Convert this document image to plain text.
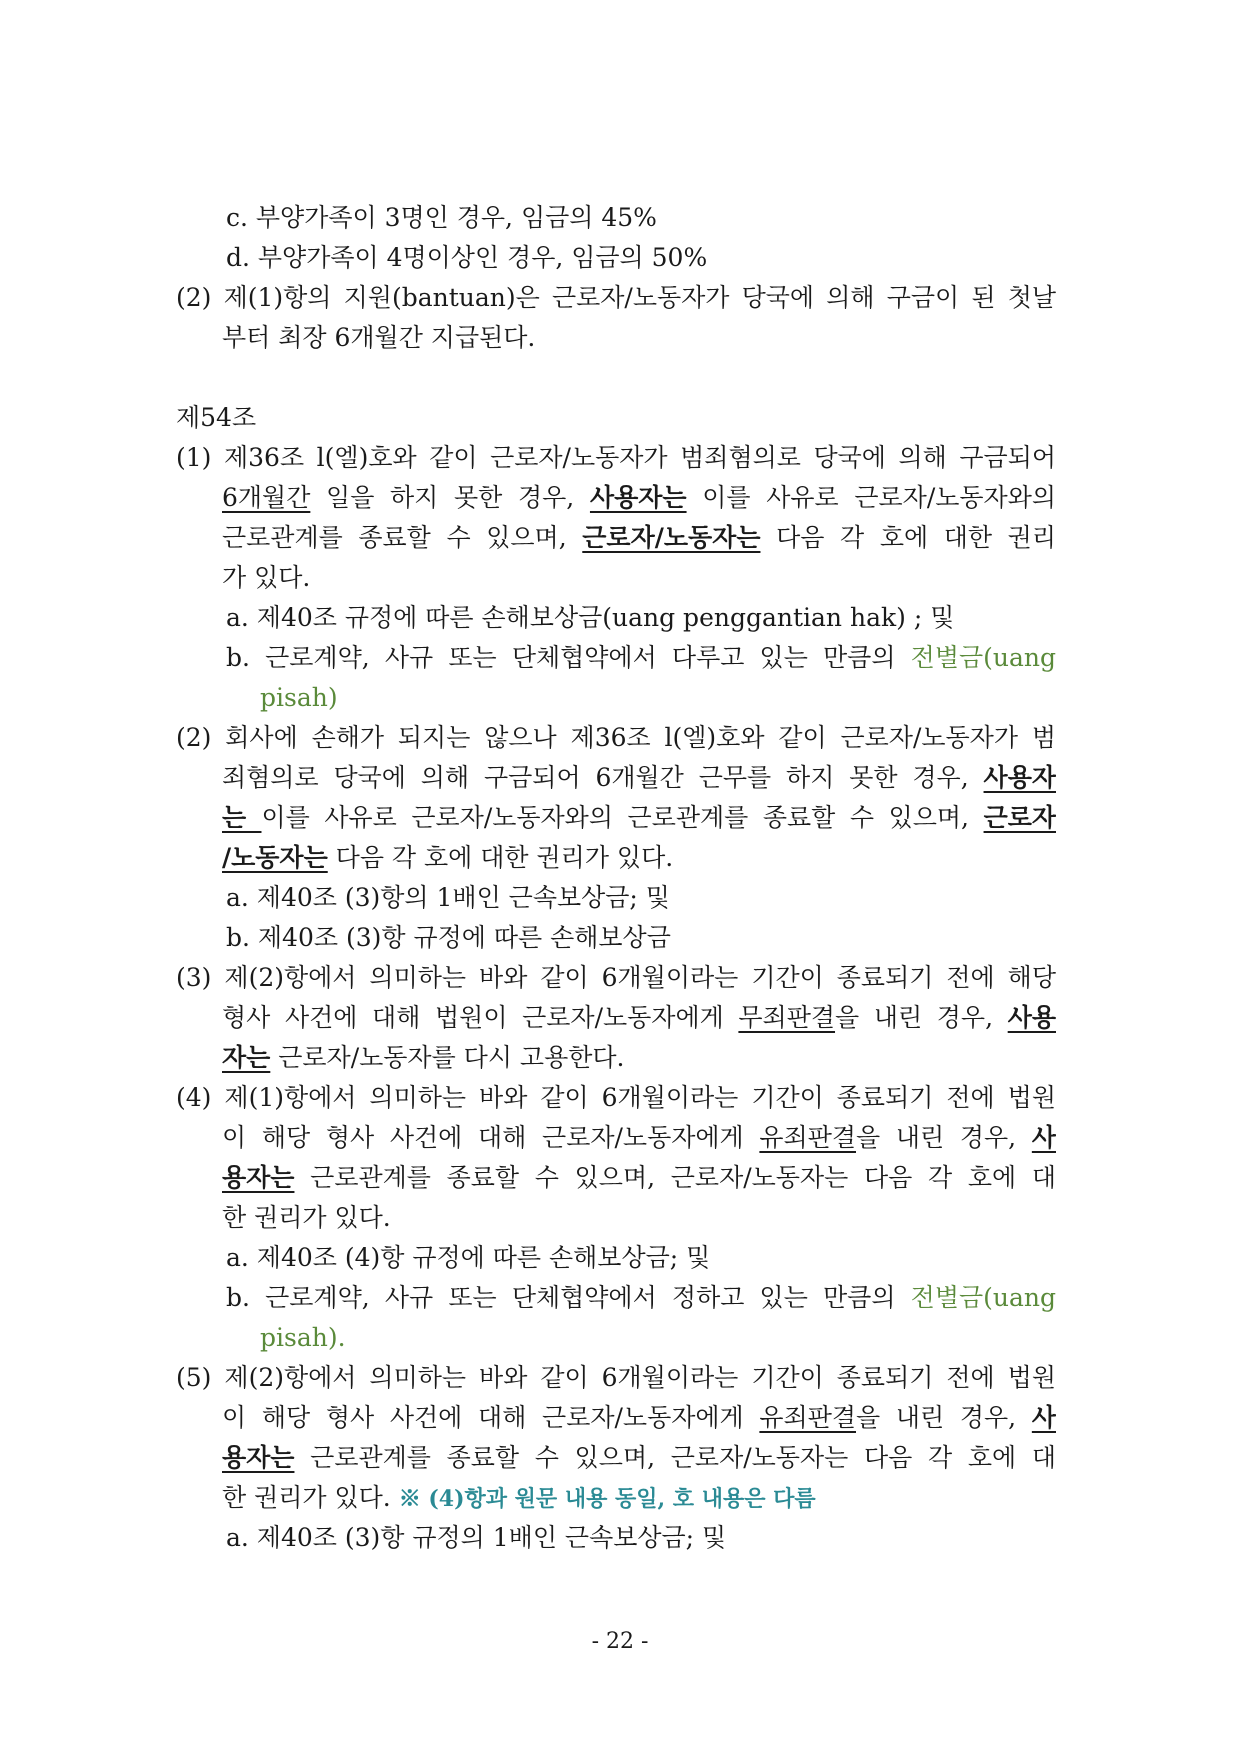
c. 부양가족이 3명인 경우, 임금의 45%
d. 부양가족이 4명이상인 경우, 임금의 50%
(2) 제(1)항의 지원(bantuan)은 근로자/노동자가 당국에 의해 구금이 된 첫날
부터 최장 6개월간 지급된다.
제54조
(1) 제36조 l(엘)호와 같이 근로자/노동자가 범죄혐의로 당국에 의해 구금되어
6개월간 일을 하지 못한 경우, 사용자는 이를 사유로 근로자/노동자와의
근로관계를 종료할 수 있으며, 근로자/노동자는 다음 각 호에 대한 권리
가 있다.
a. 제40조 규정에 따른 손해보상금(uang penggantian hak) ; 및
b. 근로계약, 사규 또는 단체협약에서 다루고 있는 만큼의 전별금(uang
pisah)
(2) 회사에 손해가 되지는 않으나 제36조 l(엘)호와 같이 근로자/노동자가 범
죄혐의로 당국에 의해 구금되어 6개월간 근무를 하지 못한 경우, 사용자
는 이를 사유로 근로자/노동자와의 근로관계를 종료할 수 있으며, 근로자
/노동자는 다음 각 호에 대한 권리가 있다.
a. 제40조 (3)항의 1배인 근속보상금; 및
b. 제40조 (3)항 규정에 따른 손해보상금
(3) 제(2)항에서 의미하는 바와 같이 6개월이라는 기간이 종료되기 전에 해당
형사 사건에 대해 법원이 근로자/노동자에게 무죄판결을 내린 경우, 사용
자는 근로자/노동자를 다시 고용한다.
(4) 제(1)항에서 의미하는 바와 같이 6개월이라는 기간이 종료되기 전에 법원
이 해당 형사 사건에 대해 근로자/노동자에게 유죄판결을 내린 경우, 사
용자는 근로관계를 종료할 수 있으며, 근로자/노동자는 다음 각 호에 대
한 권리가 있다.
a. 제40조 (4)항 규정에 따른 손해보상금; 및
b. 근로계약, 사규 또는 단체협약에서 정하고 있는 만큼의 전별금(uang
pisah).
(5) 제(2)항에서 의미하는 바와 같이 6개월이라는 기간이 종료되기 전에 법원
이 해당 형사 사건에 대해 근로자/노동자에게 유죄판결을 내린 경우, 사
용자는 근로관계를 종료할 수 있으며, 근로자/노동자는 다음 각 호에 대
한 권리가 있다. ※ (4)항과 원문 내용 동일, 호 내용은 다름
a. 제40조 (3)항 규정의 1배인 근속보상금; 및
- 22 -
